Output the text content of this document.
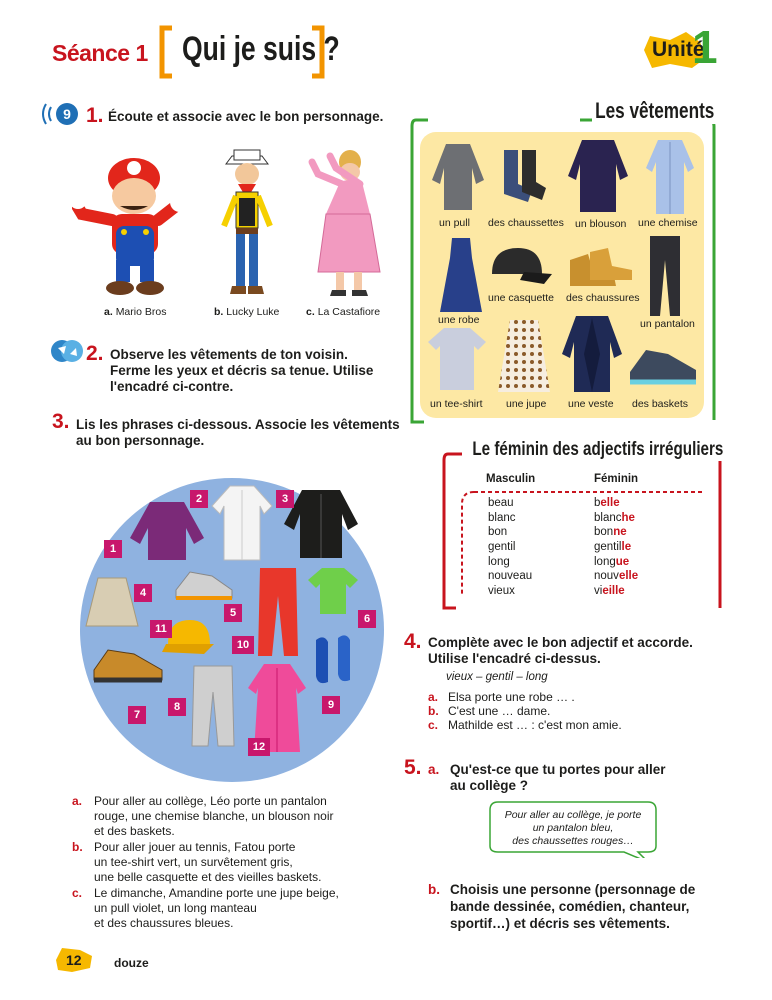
Séance 1 Qui je suis ?	Unité
1
9 1. Écoute et associe avec le bon personnage.
a. Mario Bros	b. Lucky Luke	c. La Castafiore
2. Observe les vêtements de ton voisin.
Ferme les yeux et décris sa tenue. Utilise
l'encadré ci-contre.
3. Lis les phrases ci-dessous. Associe les vêtements
au bon personnage.
1
2	3
4
5	6
7
8	9
10
11
12
a. Pour aller au collège, Léo porte un pantalon
rouge, une chemise blanche, un blouson noir
et des baskets.
b. Pour aller jouer au tennis, Fatou porte
un tee-shirt vert, un survêtement gris,
une belle casquette et des vieilles baskets.
c. Le dimanche, Amandine porte une jupe beige,
un pull violet, un long manteau
et des chaussures bleues.
Les vêtements
un pull des chaussettes un blouson une chemise
une casquette des chaussures
une robe	un pantalon
un tee-shirt une jupe une veste des baskets
Le féminin des adjectifs irréguliers
Masculin	Féminin
beau	belle
blanc	blanche
bon	bonne
gentil	gentille
long	longue
nouveau	nouvelle
vieux	vieille
4. Complète avec le bon adjectif et accorde.
Utilise l'encadré ci-dessus.
vieux – gentil – long
a. Elsa porte une robe … .
b. C'est une … dame.
c. Mathilde est … : c'est mon amie.
5. a. Qu'est-ce que tu portes pour aller
au collège ?
Pour aller au collège, je porte
un pantalon bleu,
des chaussettes rouges…
b. Choisis une personne (personnage de
bande dessinée, comédien, chanteur,
sportif…) et décris ses vêtements.
12	douze
